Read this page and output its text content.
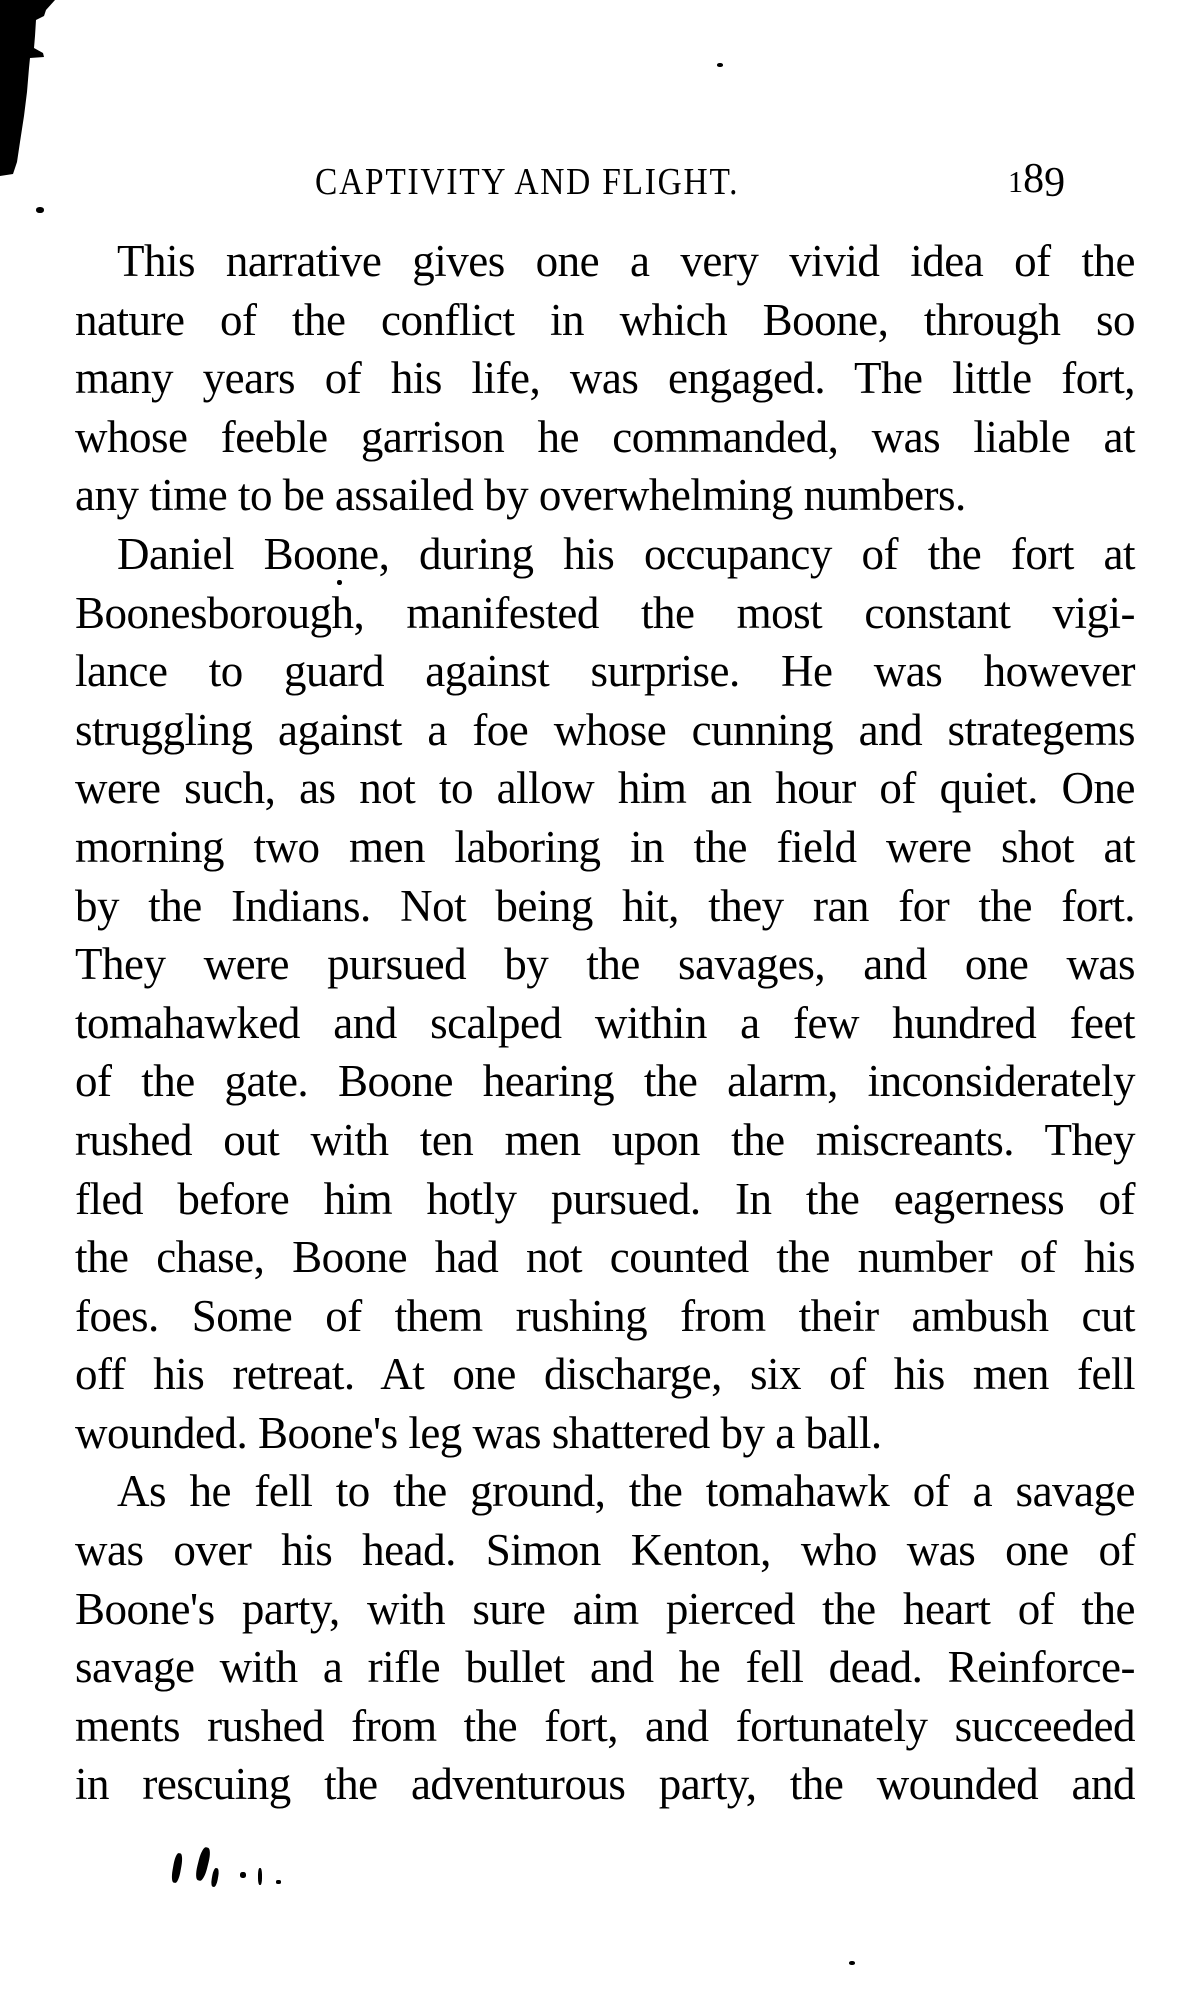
CAPTIVITY AND FLIGHT.	189
This narrative gives one a very vivid idea of the
nature of the conflict in which Boone, through so
many years of his life, was engaged. The little fort,
whose feeble garrison he commanded, was liable at
any time to be assailed by overwhelming numbers.
Daniel Boone, during his occupancy of the fort at
Boonesborough, manifested the most constant vigi-
lance to guard against surprise. He was however
struggling against a foe whose cunning and strategems
were such, as not to allow him an hour of quiet. One
morning two men laboring in the field were shot at
by the Indians. Not being hit, they ran for the fort.
They were pursued by the savages, and one was
tomahawked and scalped within a few hundred feet
of the gate. Boone hearing the alarm, inconsiderately
rushed out with ten men upon the miscreants. They
fled before him hotly pursued. In the eagerness of
the chase, Boone had not counted the number of his
foes. Some of them rushing from their ambush cut
off his retreat. At one discharge, six of his men fell
wounded. Boone's leg was shattered by a ball.
As he fell to the ground, the tomahawk of a savage
was over his head. Simon Kenton, who was one of
Boone's party, with sure aim pierced the heart of the
savage with a rifle bullet and he fell dead. Reinforce-
ments rushed from the fort, and fortunately succeeded
in rescuing the adventurous party, the wounded and
